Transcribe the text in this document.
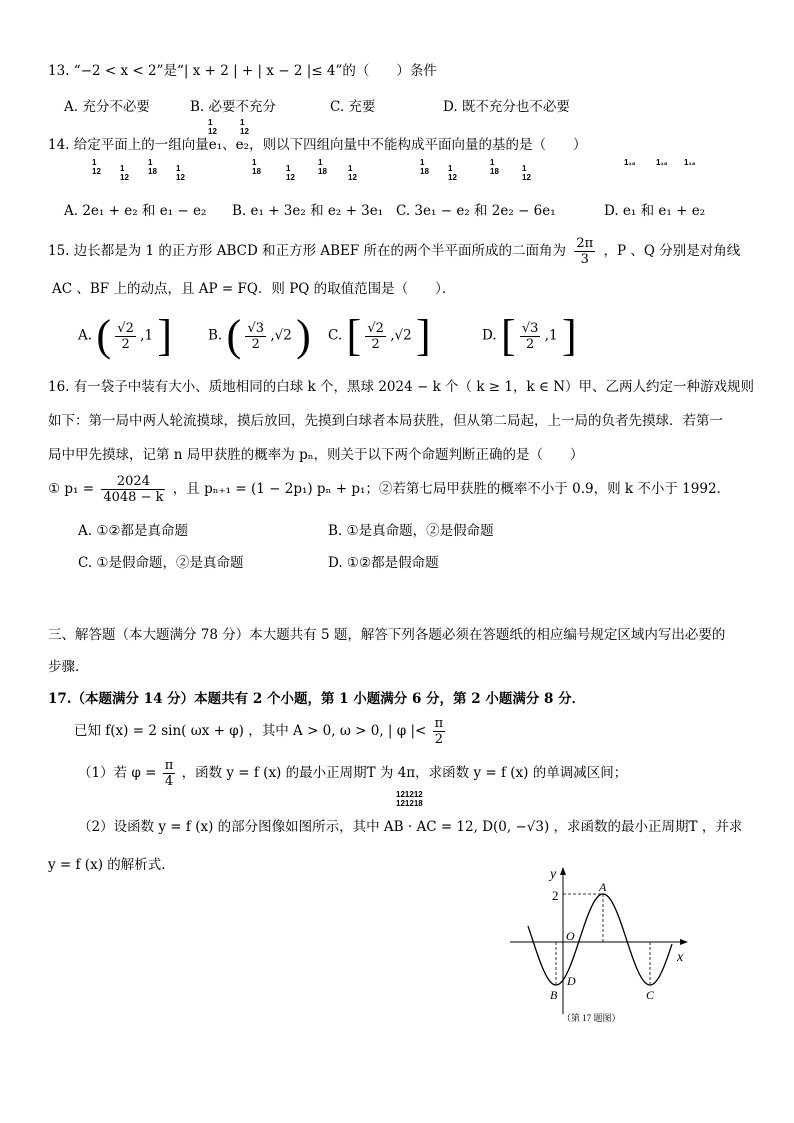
13. “−2 < x < 2”是“| x + 2 | + | x − 2 |≤ 4”的（　　）条件
A. 充分不必要	B. 必要不充分	C. 充要	D. 既不充分也不必要
1
12
1
12
14. 给定平面上的一组向量e₁、e₂，则以下四组向量中不能构成平面向量的基的是（　　）
1
12 1
12
1
18 1
12
1
18	1
12
1
18	1
12
1
18 1
12
1
18	1
12
1₁₈	1₁₈ 1₁₈
A. 2e₁ + e₂ 和 e₁ − e₂ B. e₁ + 3e₂ 和 e₂ + 3e₁ C. 3e₁ − e₂ 和 2e₂ − 6e₁	D. e₁ 和 e₁ + e₂
15. 边长都是为 1 的正方形 ABCD 和正方形 ABEF 所在的两个半平面所成的二面角为 $\frac{2\pi}{3}$ ，P 、Q 分别是对角线
AC 、BF 上的动点，且 AP = FQ．则 PQ 的取值范围是（　　）．
A. ( $\frac{√2}{2} ,1$ ]	B. ( $\frac{√3}{2} ,√2$ ) C. [ $\frac{√2}{2} ,√2$ ]	D. [ $\frac{√3}{2} ,1$ ]
16. 有一袋子中装有大小、质地相同的白球 k 个，黑球 2024 − k 个（ k ≥ 1，k ∈ N）甲、乙两人约定一种游戏规则
如下：第一局中两人轮流摸球，摸后放回，先摸到白球者本局获胜，但从第二局起，上一局的负者先摸球．若第一
局中甲先摸球，记第 n 局甲获胜的概率为 pₙ，则关于以下两个命题判断正确的是（　　）
① $p_1 = \frac{2024}{4048 - k}$ ，且 pₙ₊₁ = (1 − 2p₁) pₙ + p₁；②若第七局甲获胜的概率不小于 0.9，则 k 不小于 1992．
A. ①②都是真命题	B. ①是真命题，②是假命题
C. ①是假命题，②是真命题	D. ①②都是假命题
三、解答题（本大题满分 78 分）本大题共有 5 题，解答下列各题必须在答题纸的相应编号规定区域内写出必要的
步骤．
17.（本题满分 14 分）本题共有 2 个小题，第 1 小题满分 6 分，第 2 小题满分 8 分．
已知 f(x) = 2 sin( ωx + φ) ，其中 A > 0, ω > 0, | φ |< $\frac{\pi}{2}$
（1）若 $\varphi = \frac{\pi}{4}$ ，函数 y = f (x) 的最小正周期T 为 4π，求函数 y = f (x) 的单调减区间；
121212
121218
（2）设函数 y = f (x) 的部分图像如图所示，其中 AB · AC = 12, D(0, −√3) ，求函数的最小正周期T ，并求
y = f (x) 的解析式．
y
x
2
A
O
B
D
C
（第 17 题图）
